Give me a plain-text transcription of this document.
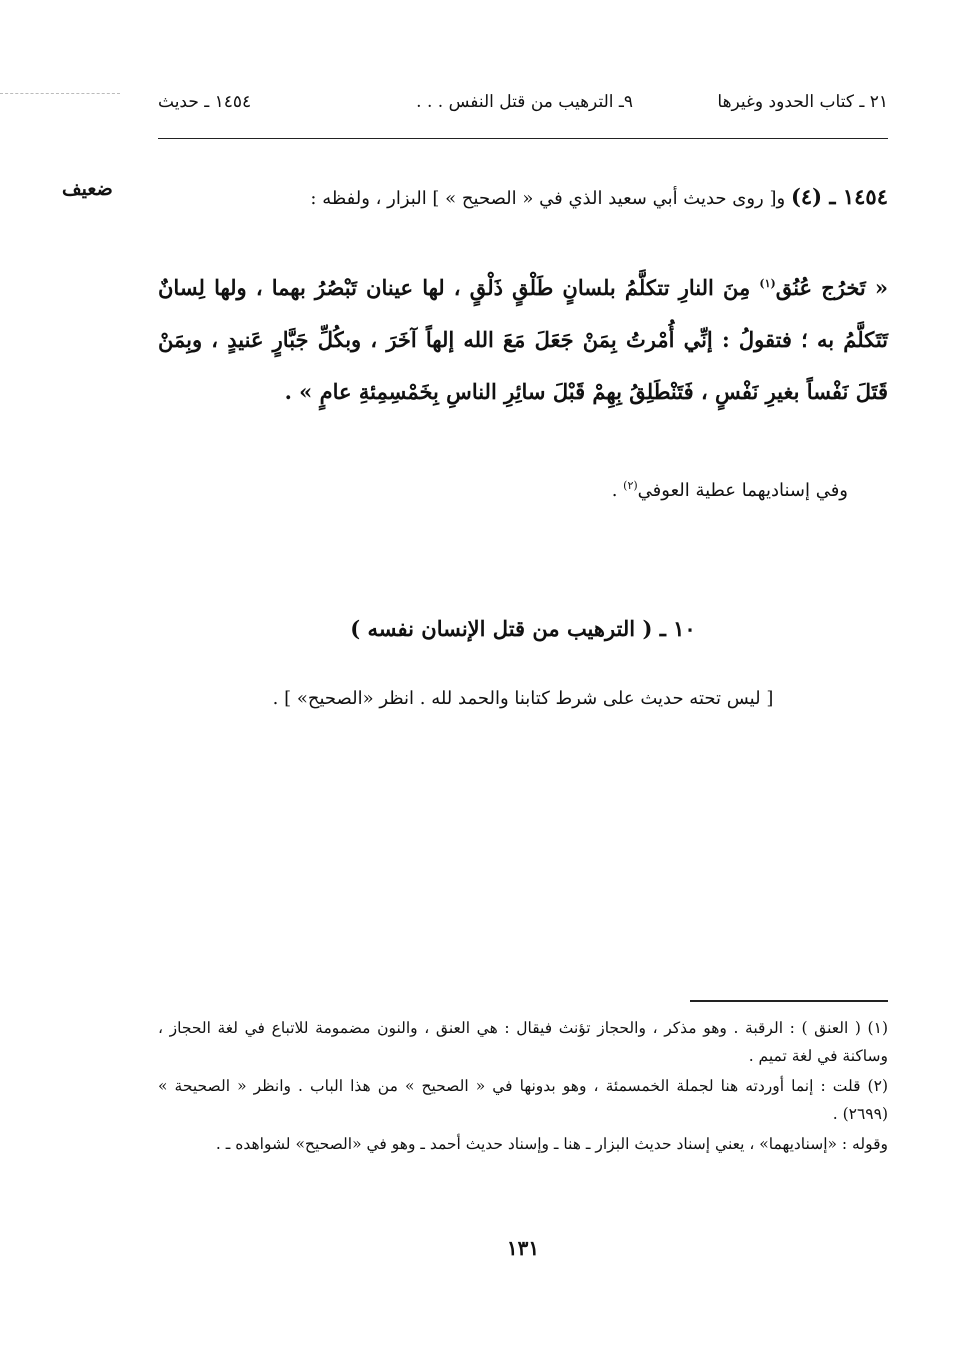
٢١ ـ كتاب الحدود وغيرها
٩ـ الترهيب من قتل النفس . . .
١٤٥٤ ـ حديث
ضعيف	١٤٥٤ ـ (٤) و[ روى حديث أبي سعيد الذي في « الصحيح » ] البزار ، ولفظه :
« تَخرُج عُنُق$^{(١)}$ مِنَ النارِ تتكلَّمُ بلسانٍ طَلْقٍ ذَلْقٍ ، لها عينان تَبْصُرُ بهما ، ولها لِسانٌ تَتَكلَّمُ به ؛ فتقولُ : إنِّي أُمْرتُ بِمَنْ جَعَلَ مَعَ الله إلهاً آخَرَ ، وبكُلِّ جَبَّارٍ عَنيدٍ ، وبِمَنْ قَتَلَ نَفْساً بغيرِ نَفْسٍ ، فَتَنْطَلِقُ بِهِمْ قَبْلَ سائِرِ الناسِ بِخَمْسِمِئةِ عامٍ » .
وفي إسناديهما عطية العوفي$^{(٢)}$ .
١٠ ـ ( الترهيب من قتل الإنسان نفسه )
[ ليس تحته حديث على شرط كتابنا والحمد لله . انظر «الصحيح» ] .

(١) ( العنق ) : الرقبة . وهو مذكر ، والحجاز تؤنث فيقال : هي العنق ، والنون مضمومة للاتباع في لغة الحجاز ، وساكنة في لغة تميم .

(٢) قلت : إنما أوردته هنا لجملة الخمسمئة ، وهو بدونها في « الصحيح » من هذا الباب . وانظر « الصحيحة » (٢٦٩٩) .

وقوله : «إسناديهما» ، يعني إسناد حديث البزار ـ هنا ـ وإسناد حديث أحمد ـ وهو في «الصحيح» لشواهده ـ .

١٣١
